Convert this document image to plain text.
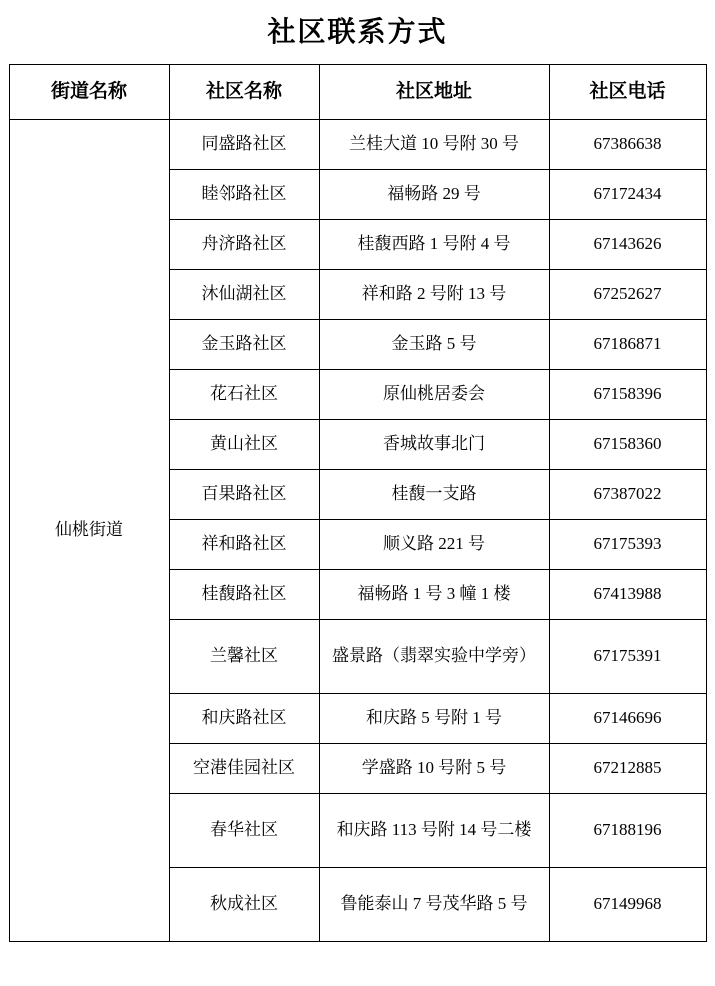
社区联系方式
街道名称	社区名称	社区地址	社区电话
仙桃街道	同盛路社区	兰桂大道 10 号附 30 号	67386638
	睦邻路社区	福畅路 29 号	67172434
	舟济路社区	桂馥西路 1 号附 4 号	67143626
	沐仙湖社区	祥和路 2 号附 13 号	67252627
	金玉路社区	金玉路 5 号	67186871
	花石社区	原仙桃居委会	67158396
	黄山社区	香城故事北门	67158360
	百果路社区	桂馥一支路	67387022
	祥和路社区	顺义路 221 号	67175393
	桂馥路社区	福畅路 1 号 3 幢 1 楼	67413988
	兰馨社区	盛景路（翡翠实验中学旁）	67175391
	和庆路社区	和庆路 5 号附 1 号	67146696
	空港佳园社区	学盛路 10 号附 5 号	67212885
	春华社区	和庆路 113 号附 14 号二楼	67188196
	秋成社区	鲁能泰山 7 号茂华路 5 号	67149968
